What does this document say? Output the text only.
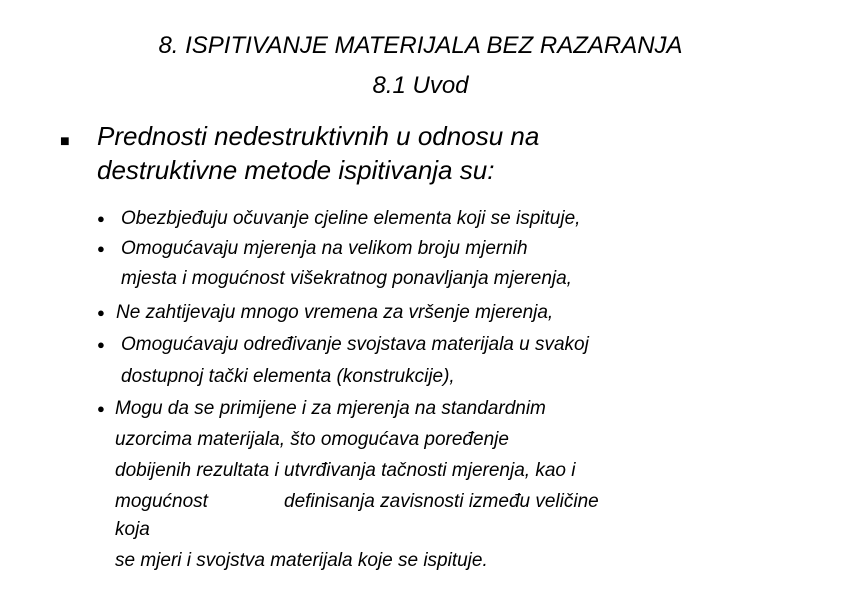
8. ISPITIVANJE MATERIJALA BEZ RAZARANJA
8.1 Uvod
■ Prednosti nedestruktivnih u odnosu na
destruktivne metode ispitivanja su:
● Obezbjeđuju očuvanje cjeline elementa koji se ispituje,
● Omogućavaju mjerenja na velikom broju mjernih
mjesta i mogućnost višekratnog ponavljanja mjerenja,
● Ne zahtijevaju mnogo vremena za vršenje mjerenja,
● Omogućavaju određivanje svojstava materijala u svakoj
dostupnoj tački elementa (konstrukcije),
● Mogu da se primijene i za mjerenja na standardnim
uzorcima materijala, što omogućava poređenje
dobijenih rezultata i utvrđivanja tačnosti mjerenja, kao i
mogućnost	definisanja zavisnosti između veličine
koja
se mjeri i svojstva materijala koje se ispituje.
